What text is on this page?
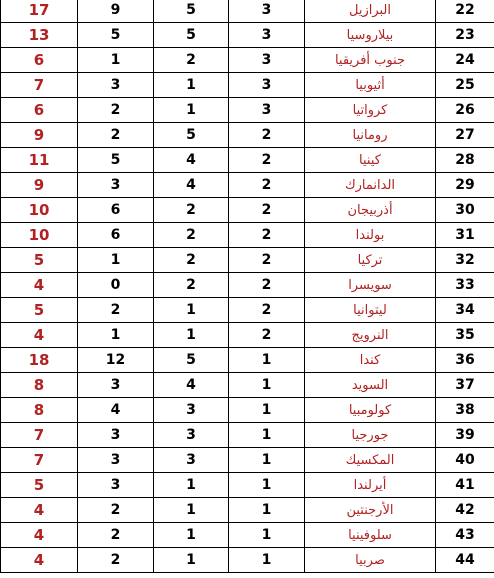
17	9	5	3	البرازيل	22
13	5	5	3	بيلاروسيا	23
6	1	2	3	جنوب أفريقيا	24
7	3	1	3	أثيوبيا	25
6	2	1	3	كرواتيا	26
9	2	5	2	رومانيا	27
11	5	4	2	كينيا	28
9	3	4	2	الدانمارك	29
10	6	2	2	أذربيجان	30
10	6	2	2	بولندا	31
5	1	2	2	تركيا	32
4	0	2	2	سويسرا	33
5	2	1	2	ليتوانيا	34
4	1	1	2	النرويج	35
18	12	5	1	كندا	36
8	3	4	1	السويد	37
8	4	3	1	كولومبيا	38
7	3	3	1	جورجيا	39
7	3	3	1	المكسيك	40
5	3	1	1	أيرلندا	41
4	2	1	1	الأرجنتين	42
4	2	1	1	سلوفينيا	43
4	2	1	1	صربيا	44
